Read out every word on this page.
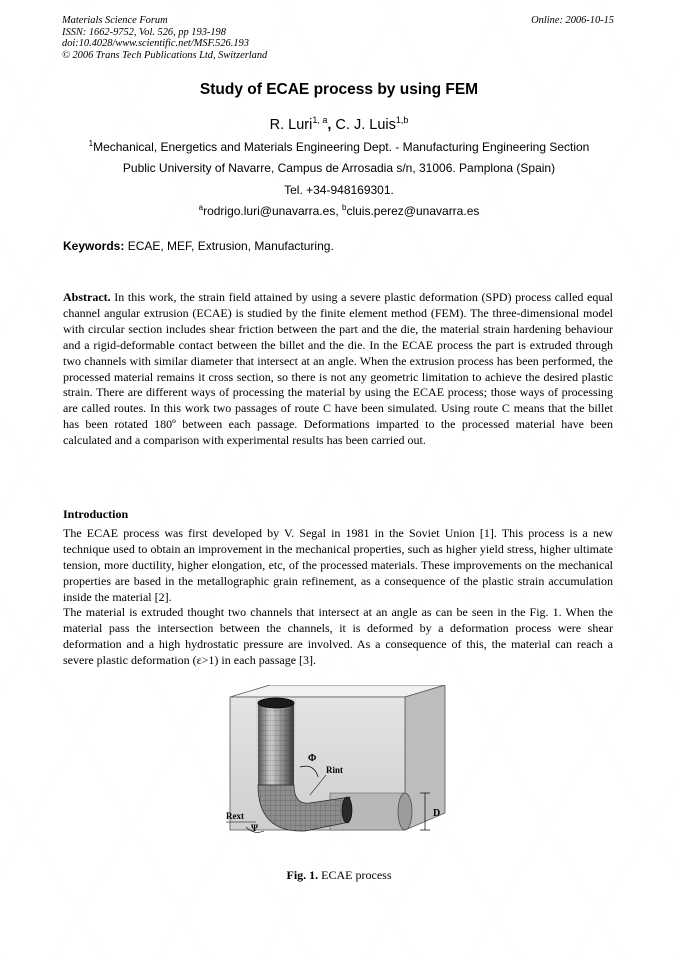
Materials Science Forum
ISSN: 1662-9752, Vol. 526, pp 193-198
doi:10.4028/www.scientific.net/MSF.526.193
© 2006 Trans Tech Publications Ltd, Switzerland
Online: 2006-10-15
Study of ECAE process by using FEM
R. Luri$^{1, a}$, C. J. Luis$^{1,b}$
$^1$Mechanical, Energetics and Materials Engineering Dept. - Manufacturing Engineering Section
Public University of Navarre, Campus de Arrosadia s/n, 31006. Pamplona (Spain)
Tel. +34-948169301.
$^a$rodrigo.luri@unavarra.es, $^b$cluis.perez@unavarra.es
Keywords: ECAE, MEF, Extrusion, Manufacturing.
Abstract. In this work, the strain field attained by using a severe plastic deformation (SPD) process called equal channel angular extrusion (ECAE) is studied by the finite element method (FEM). The three-dimensional model with circular section includes shear friction between the part and the die, the material strain hardening behaviour and a rigid-deformable contact between the billet and the die. In the ECAE process the part is extruded through two channels with similar diameter that intersect at an angle. When the extrusion process has been performed, the processed material remains it cross section, so there is not any geometric limitation to achieve the desired plastic strain. There are different ways of processing the material by using the ECAE process; those ways of processing are called routes. In this work two passages of route C have been simulated. Using route C means that the billet has been rotated 180º between each passage. Deformations imparted to the processed material have been calculated and a comparison with experimental results has been carried out.
Introduction
The ECAE process was first developed by V. Segal in 1981 in the Soviet Union [1]. This process is a new technique used to obtain an improvement in the mechanical properties, such as higher yield stress, higher ultimate tension, more ductility, higher elongation, etc, of the processed materials. These improvements on the mechanical properties are based in the metallographic grain refinement, as a consequence of the plastic strain accumulation inside the material [2].
The material is extruded thought two channels that intersect at an angle as can be seen in the Fig. 1. When the material pass the intersection between the channels, it is deformed by a deformation process were shear deformation and a high hydrostatic pressure are involved. As a consequence of this, the material can reach a severe plastic deformation (ε>1) in each passage [3].
Φ
Rint
Rext
Ψ
D
Fig. 1. ECAE process
